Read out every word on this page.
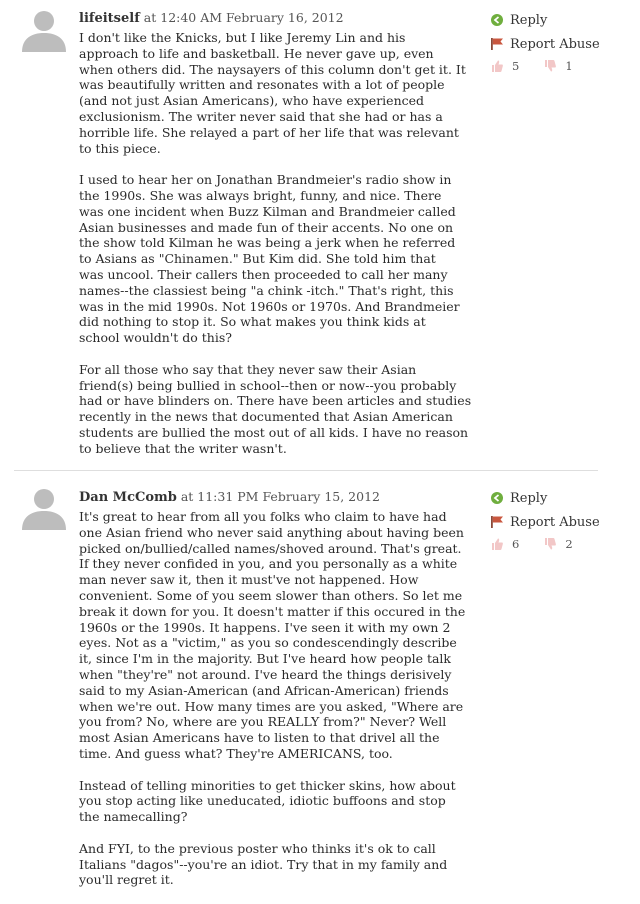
lifeitself at 12:40 AM February 16, 2012

I don't like the Knicks, but I like Jeremy Lin and his
approach to life and basketball. He never gave up, even
when others did. The naysayers of this column don't get it. It
was beautifully written and resonates with a lot of people
(and not just Asian Americans), who have experienced
exclusionism. The writer never said that she had or has a
horrible life. She relayed a part of her life that was relevant
to this piece.

I used to hear her on Jonathan Brandmeier's radio show in
the 1990s. She was always bright, funny, and nice. There
was one incident when Buzz Kilman and Brandmeier called
Asian businesses and made fun of their accents. No one on
the show told Kilman he was being a jerk when he referred
to Asians as "Chinamen." But Kim did. She told him that
was uncool. Their callers then proceeded to call her many
names--the classiest being "a chink -itch." That's right, this
was in the mid 1990s. Not 1960s or 1970s. And Brandmeier
did nothing to stop it. So what makes you think kids at
school wouldn't do this?

For all those who say that they never saw their Asian
friend(s) being bullied in school--then or now--you probably
had or have blinders on. There have been articles and studies
recently in the news that documented that Asian American
students are bullied the most out of all kids. I have no reason
to believe that the writer wasn't.

Reply
Report Abuse
5	1
Dan McComb at 11:31 PM February 15, 2012

It's great to hear from all you folks who claim to have had
one Asian friend who never said anything about having been
picked on/bullied/called names/shoved around. That's great.
If they never confided in you, and you personally as a white
man never saw it, then it must've not happened. How
convenient. Some of you seem slower than others. So let me
break it down for you. It doesn't matter if this occured in the
1960s or the 1990s. It happens. I've seen it with my own 2
eyes. Not as a "victim," as you so condescendingly describe
it, since I'm in the majority. But I've heard how people talk
when "they're" not around. I've heard the things derisively
said to my Asian-American (and African-American) friends
when we're out. How many times are you asked, "Where are
you from? No, where are you REALLY from?" Never? Well
most Asian Americans have to listen to that drivel all the
time. And guess what? They're AMERICANS, too.

Instead of telling minorities to get thicker skins, how about
you stop acting like uneducated, idiotic buffoons and stop
the namecalling?

And FYI, to the previous poster who thinks it's ok to call
Italians "dagos"--you're an idiot. Try that in my family and
you'll regret it.

Reply
Report Abuse
6	2
